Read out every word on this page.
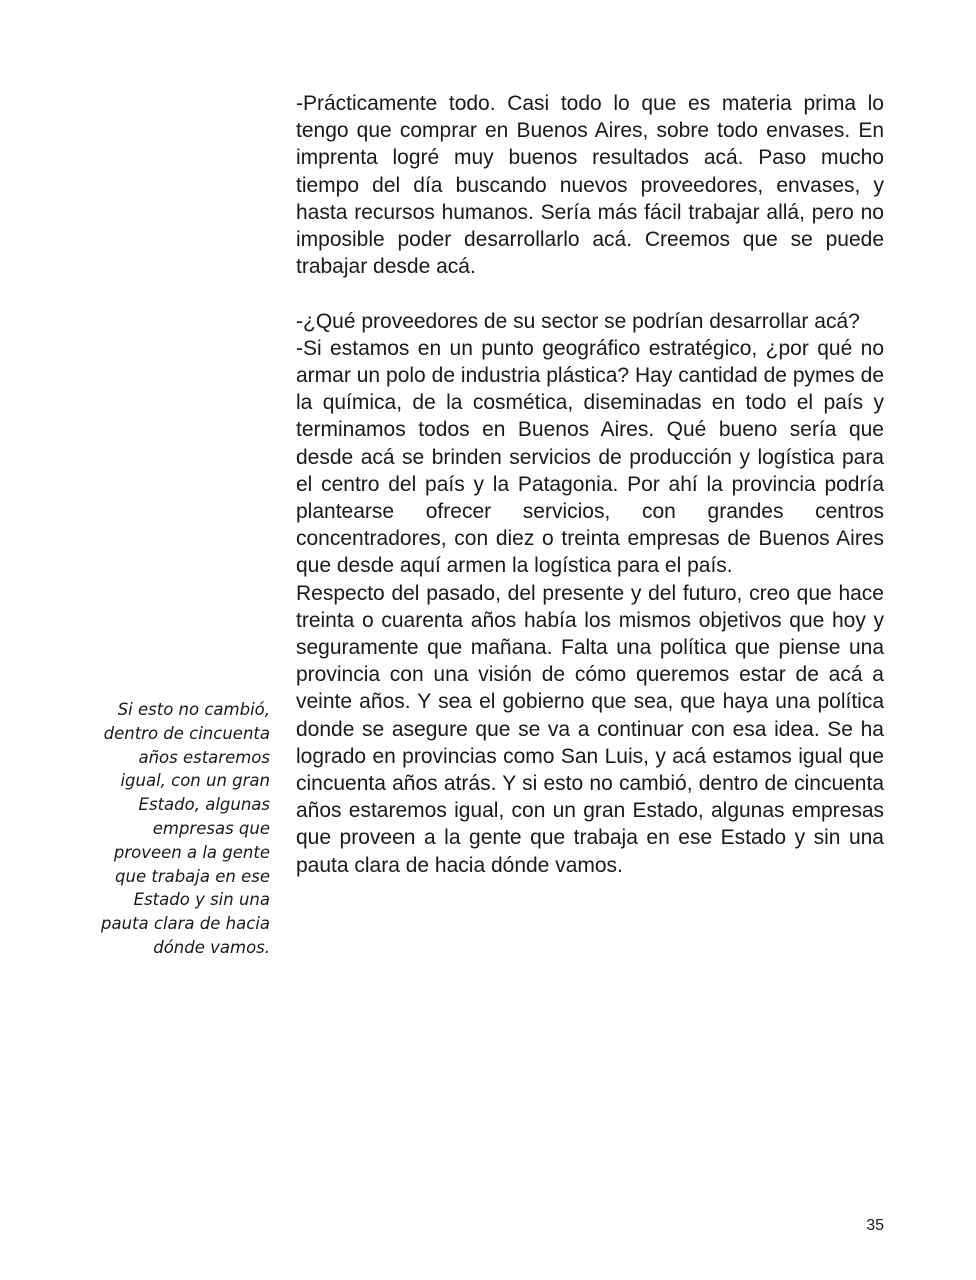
Si esto no cambió, dentro de cincuenta años estaremos igual, con un gran Estado, algunas empresas que proveen a la gente que trabaja en ese Estado y sin una pauta clara de hacia dónde vamos.

-Prácticamente todo. Casi todo lo que es materia prima lo tengo que comprar en Buenos Aires, sobre todo envases. En imprenta logré muy buenos resultados acá. Paso mucho tiempo del día buscando nuevos proveedores, envases, y hasta recursos humanos. Sería más fácil trabajar allá, pero no imposible poder desarrollarlo acá. Creemos que se puede trabajar desde acá.

-¿Qué proveedores de su sector se podrían desarrollar acá?

-Si estamos en un punto geográfico estratégico, ¿por qué no armar un polo de industria plástica? Hay cantidad de pymes de la química, de la cosmética, diseminadas en todo el país y terminamos todos en Buenos Aires. Qué bueno sería que desde acá se brinden servicios de producción y logística para el centro del país y la Patagonia. Por ahí la provincia podría plantearse ofrecer servicios, con grandes centros concentradores, con diez o treinta empresas de Buenos Aires que desde aquí armen la logística para el país.

Respecto del pasado, del presente y del futuro, creo que hace treinta o cuarenta años había los mismos objetivos que hoy y seguramente que mañana. Falta una política que piense una provincia con una visión de cómo queremos estar de acá a veinte años. Y sea el gobierno que sea, que haya una política donde se asegure que se va a continuar con esa idea. Se ha logrado en provincias como San Luis, y acá estamos igual que cincuenta años atrás. Y si esto no cambió, dentro de cincuenta años estaremos igual, con un gran Estado, algunas empresas que proveen a la gente que trabaja en ese Estado y sin una pauta clara de hacia dónde vamos.

35
